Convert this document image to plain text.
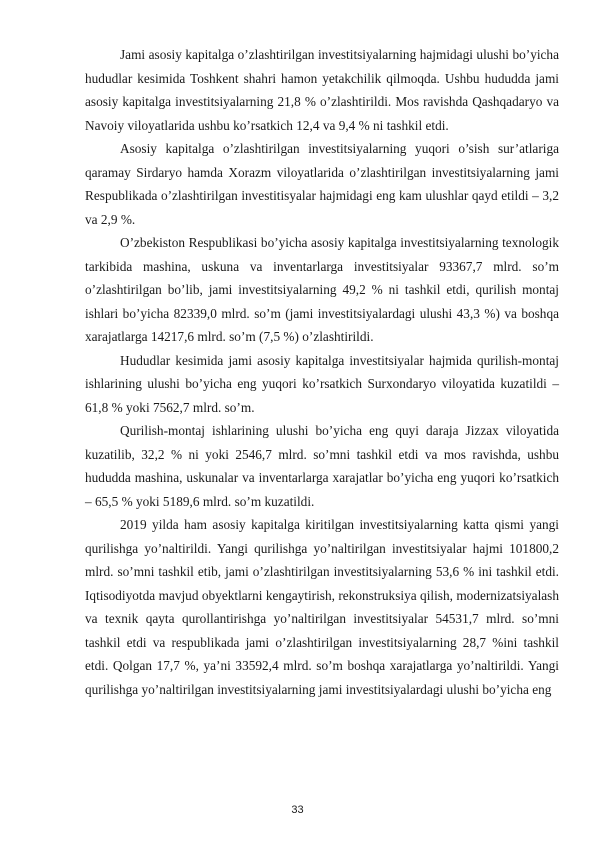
Jami asosiy kapitalga o’zlashtirilgan investitsiyalarning hajmidagi ulushi bo’yicha hududlar kesimida Toshkent shahri hamon yetakchilik qilmoqda. Ushbu hududda jami asosiy kapitalga investitsiyalarning 21,8 % o’zlashtirildi. Mos ravishda Qashqadaryo va Navoiy viloyatlarida ushbu ko’rsatkich 12,4 va 9,4 % ni tashkil etdi.

Asosiy kapitalga o’zlashtirilgan investitsiyalarning yuqori o’sish sur’atlariga qaramay Sirdaryo hamda Xorazm viloyatlarida o’zlashtirilgan investitsiyalarning jami Respublikada o’zlashtirilgan investitisyalar hajmidagi eng kam ulushlar qayd etildi – 3,2 va 2,9 %.

O’zbekiston Respublikasi bo’yicha asosiy kapitalga investitsiyalarning texnologik tarkibida mashina, uskuna va inventarlarga investitsiyalar 93367,7 mlrd. so’m o’zlashtirilgan bo’lib, jami investitsiyalarning 49,2 % ni tashkil etdi, qurilish montaj ishlari bo’yicha 82339,0 mlrd. so’m (jami investitsiyalardagi ulushi 43,3 %) va boshqa xarajatlarga 14217,6 mlrd. so’m (7,5 %) o’zlashtirildi.

Hududlar kesimida jami asosiy kapitalga investitsiyalar hajmida qurilish-montaj ishlarining ulushi bo’yicha eng yuqori ko’rsatkich Surxondaryo viloyatida kuzatildi – 61,8 % yoki 7562,7 mlrd. so’m.

Qurilish-montaj ishlarining ulushi bo’yicha eng quyi daraja Jizzax viloyatida kuzatilib, 32,2 % ni yoki 2546,7 mlrd. so’mni tashkil etdi va mos ravishda, ushbu hududda mashina, uskunalar va inventarlarga xarajatlar bo’yicha eng yuqori ko’rsatkich – 65,5 % yoki 5189,6 mlrd. so’m kuzatildi.

2019 yilda ham asosiy kapitalga kiritilgan investitsiyalarning katta qismi yangi qurilishga yo’naltirildi. Yangi qurilishga yo’naltirilgan investitsiyalar hajmi 101800,2 mlrd. so’mni tashkil etib, jami o’zlashtirilgan investitsiyalarning 53,6 % ini tashkil etdi. Iqtisodiyotda mavjud obyektlarni kengaytirish, rekonstruksiya qilish, modernizatsiyalash va texnik qayta qurollantirishga yo’naltirilgan investitsiyalar 54531,7 mlrd. so’mni tashkil etdi va respublikada jami o’zlashtirilgan investitsiyalarning 28,7 %ini tashkil etdi. Qolgan 17,7 %, ya’ni 33592,4 mlrd. so’m boshqa xarajatlarga yo’naltirildi. Yangi qurilishga yo’naltirilgan investitsiyalarning jami investitsiyalardagi ulushi bo’yicha eng

33
